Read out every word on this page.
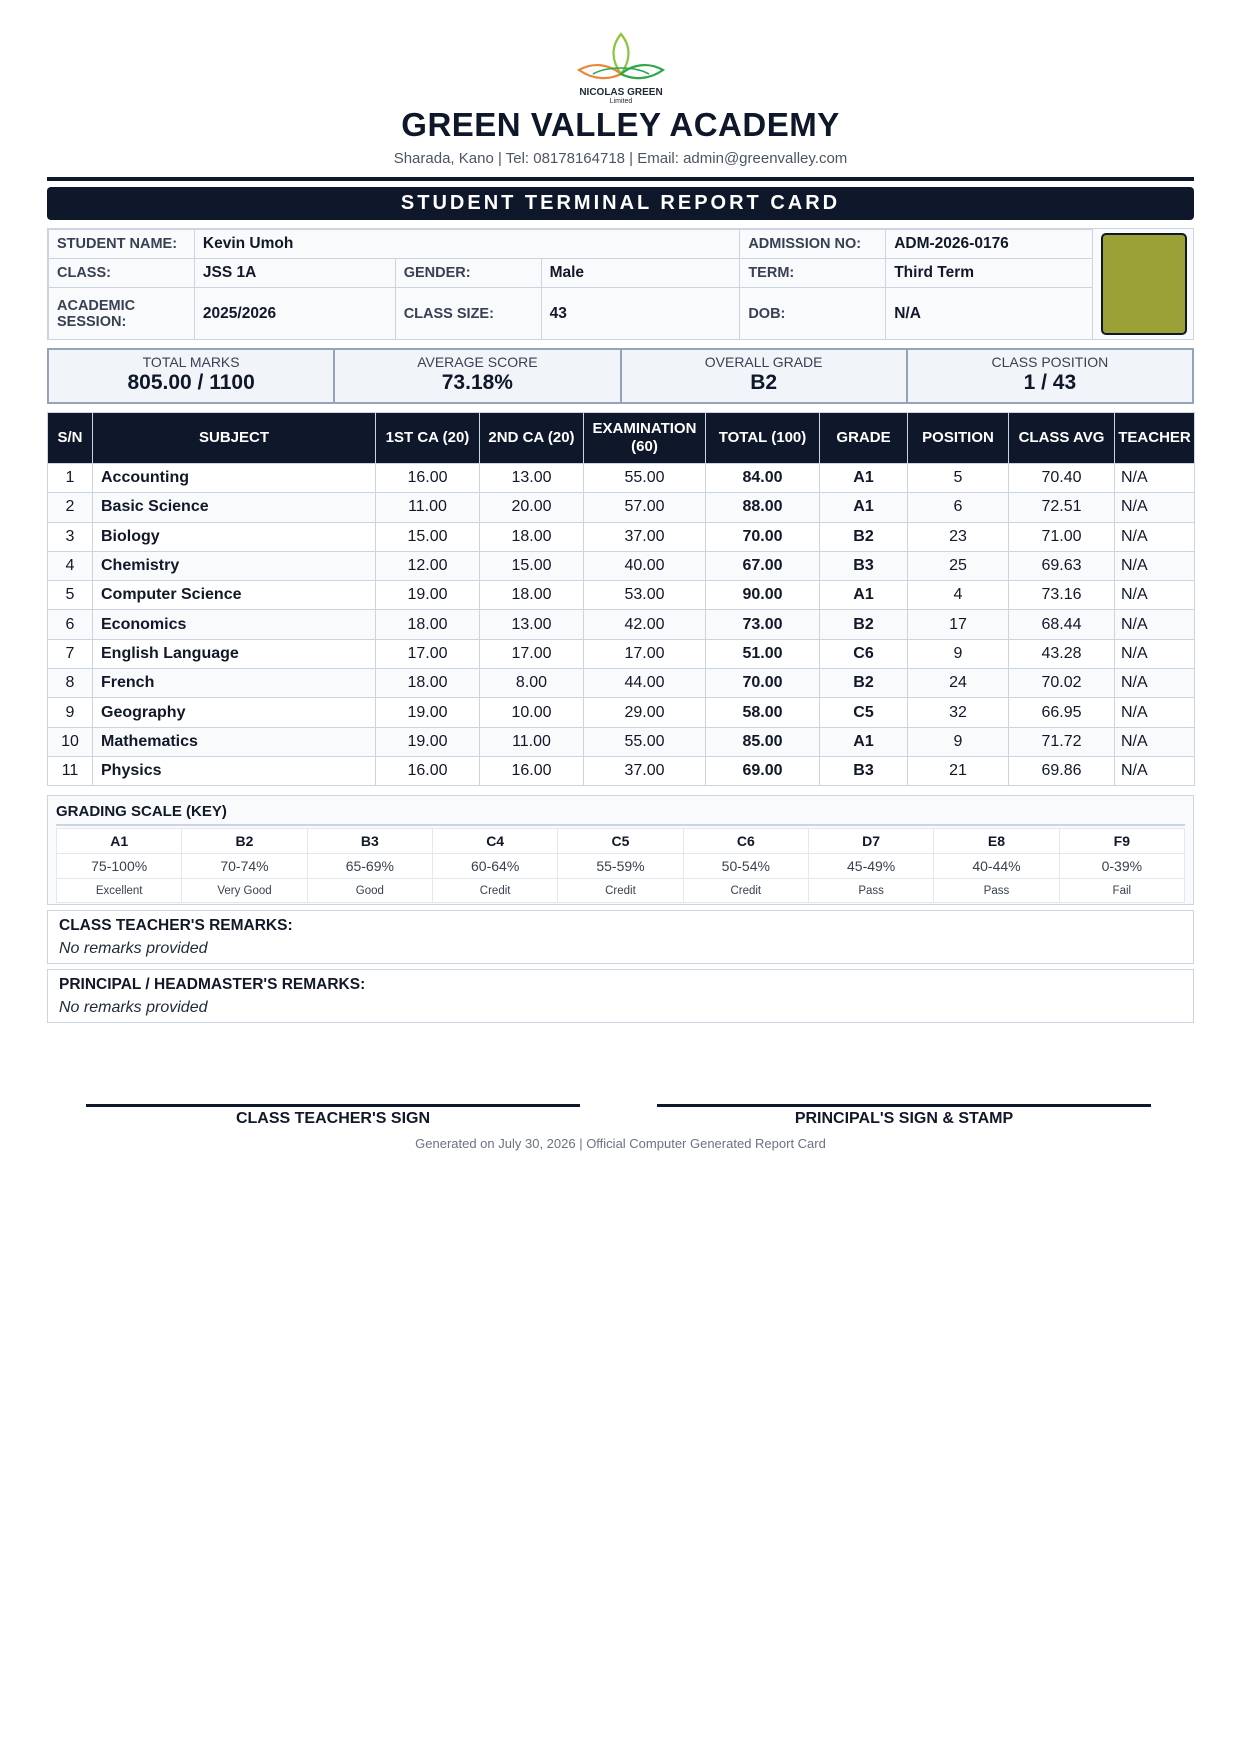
NICOLAS GREEN
Limited
GREEN VALLEY ACADEMY
Sharada, Kano | Tel: 08178164718 | Email: admin@greenvalley.com
STUDENT TERMINAL REPORT CARD
STUDENT NAME:	Kevin Umoh			ADMISSION NO:	ADM-2026-0176
CLASS:	JSS 1A	GENDER:	Male	TERM:	Third Term
ACADEMIC SESSION:	2025/2026	CLASS SIZE:	43	DOB:	N/A
TOTAL MARKS
805.00 / 1100
AVERAGE SCORE
73.18%
OVERALL GRADE
B2
CLASS POSITION
1 / 43
S/N	SUBJECT	1ST CA (20)	2ND CA (20)	EXAMINATION (60)	TOTAL (100)	GRADE	POSITION	CLASS AVG	TEACHER
1	Accounting	16.00	13.00	55.00	84.00	A1	5	70.40	N/A
2	Basic Science	11.00	20.00	57.00	88.00	A1	6	72.51	N/A
3	Biology	15.00	18.00	37.00	70.00	B2	23	71.00	N/A
4	Chemistry	12.00	15.00	40.00	67.00	B3	25	69.63	N/A
5	Computer Science	19.00	18.00	53.00	90.00	A1	4	73.16	N/A
6	Economics	18.00	13.00	42.00	73.00	B2	17	68.44	N/A
7	English Language	17.00	17.00	17.00	51.00	C6	9	43.28	N/A
8	French	18.00	8.00	44.00	70.00	B2	24	70.02	N/A
9	Geography	19.00	10.00	29.00	58.00	C5	32	66.95	N/A
10	Mathematics	19.00	11.00	55.00	85.00	A1	9	71.72	N/A
11	Physics	16.00	16.00	37.00	69.00	B3	21	69.86	N/A
GRADING SCALE (KEY)
A1	B2	B3	C4	C5	C6	D7	E8	F9
75-100%	70-74%	65-69%	60-64%	55-59%	50-54%	45-49%	40-44%	0-39%
Excellent	Very Good	Good	Credit	Credit	Credit	Pass	Pass	Fail
CLASS TEACHER'S REMARKS:
No remarks provided
PRINCIPAL / HEADMASTER'S REMARKS:
No remarks provided
CLASS TEACHER'S SIGN	PRINCIPAL'S SIGN & STAMP
Generated on July 30, 2026 | Official Computer Generated Report Card
